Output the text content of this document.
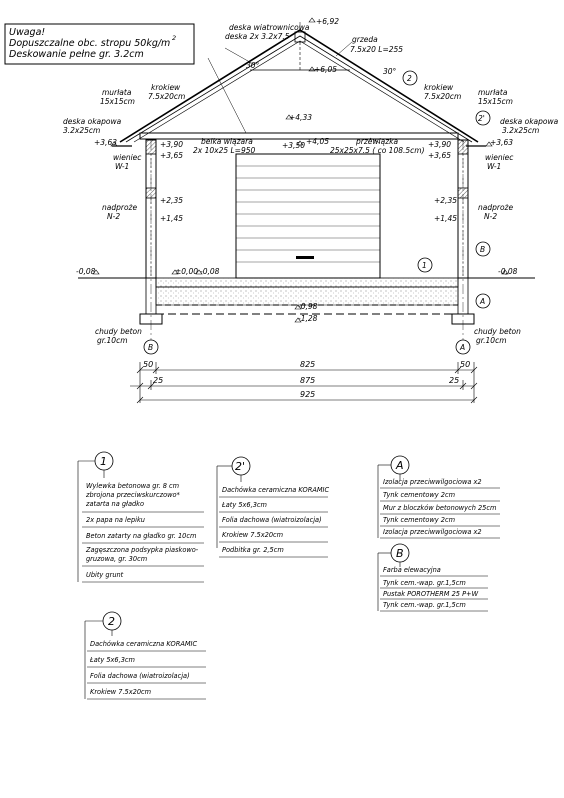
Uwaga!
Dopuszczalne obc. stropu 50kg/m 2
Deskowanie pełne gr. 3.2cm
deska wiatrownicowa
deska 2x 3.2x7.5
+6,92
+6,05
grzeda
7.5x20 L=255
30°
30°
krokiew
7.5x20cm
krokiew
7.5x20cm
murłata
15x15cm
murłata
15x15cm
deska okapowa
3.2x25cm
deska okapowa
3.2x25cm
+4,33
belka wiązara
2x 10x25 L=950
+4,05	przewiązka
25x25x7.5 ( co 108.5cm)
+3,50
+3,63	+3,90
+3,65
+3,63
+3,90
+3,65
wieniec
W-1
wieniec
W-1
+2,35
+1,45
+2,35
+1,45
nadproże
N-2
nadproże
N-2
-0,08	±0,00 -0,08	-0,08
-0,98
-1,28
chudy beton
gr.10cm
chudy beton
gr.10cm
1
2
2'
B
A
B	A
50	825	50
25	875	25
925
1
Wylewka betonowa gr. 8 cm
zbrojona przeciwskurczowo*
zatarta na gładko
2x papa na lepiku
Beton zatarty na gładko gr. 10cm
Zagęszczona podsypka piaskowo-
gruzowa, gr. 30cm
Ubity grunt
2'
Dachówka ceramiczna KORAMIC
Łaty 5x6,3cm
Folia dachowa (wiatroizolacja)
Krokiew 7.5x20cm
Podbitka gr. 2,5cm
A
Izolacja przeciwwilgociowa x2
Tynk cementowy 2cm
Mur z bloczków betonowych 25cm
Tynk cementowy 2cm
Izolacja przeciwwilgociowa x2
B
Farba elewacyjna
Tynk cem.-wap. gr.1,5cm
Pustak POROTHERM 25 P+W
Tynk cem.-wap. gr.1,5cm
2
Dachówka ceramiczna KORAMIC
Łaty 5x6,3cm
Folia dachowa (wiatroizolacja)
Krokiew 7.5x20cm
